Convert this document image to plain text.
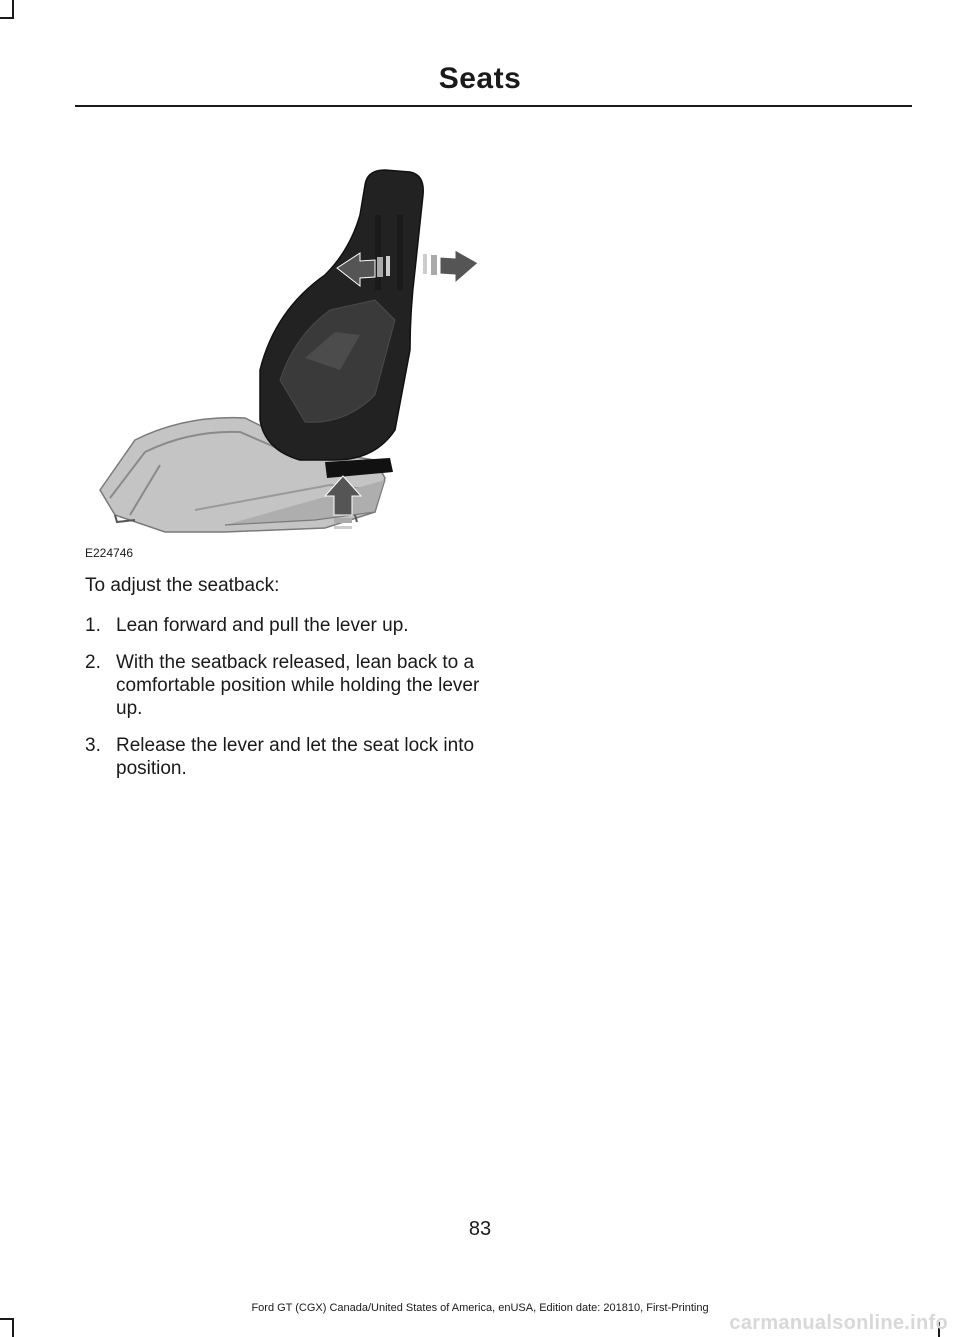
Seats
E224746
To adjust the seatback:
1. Lean forward and pull the lever up.
2. With the seatback released, lean back to a comfortable position while holding the lever up.
3. Release the lever and let the seat lock into position.
83
Ford GT (CGX) Canada/United States of America, enUSA, Edition date: 201810, First-Printing
carmanualsonline.info
